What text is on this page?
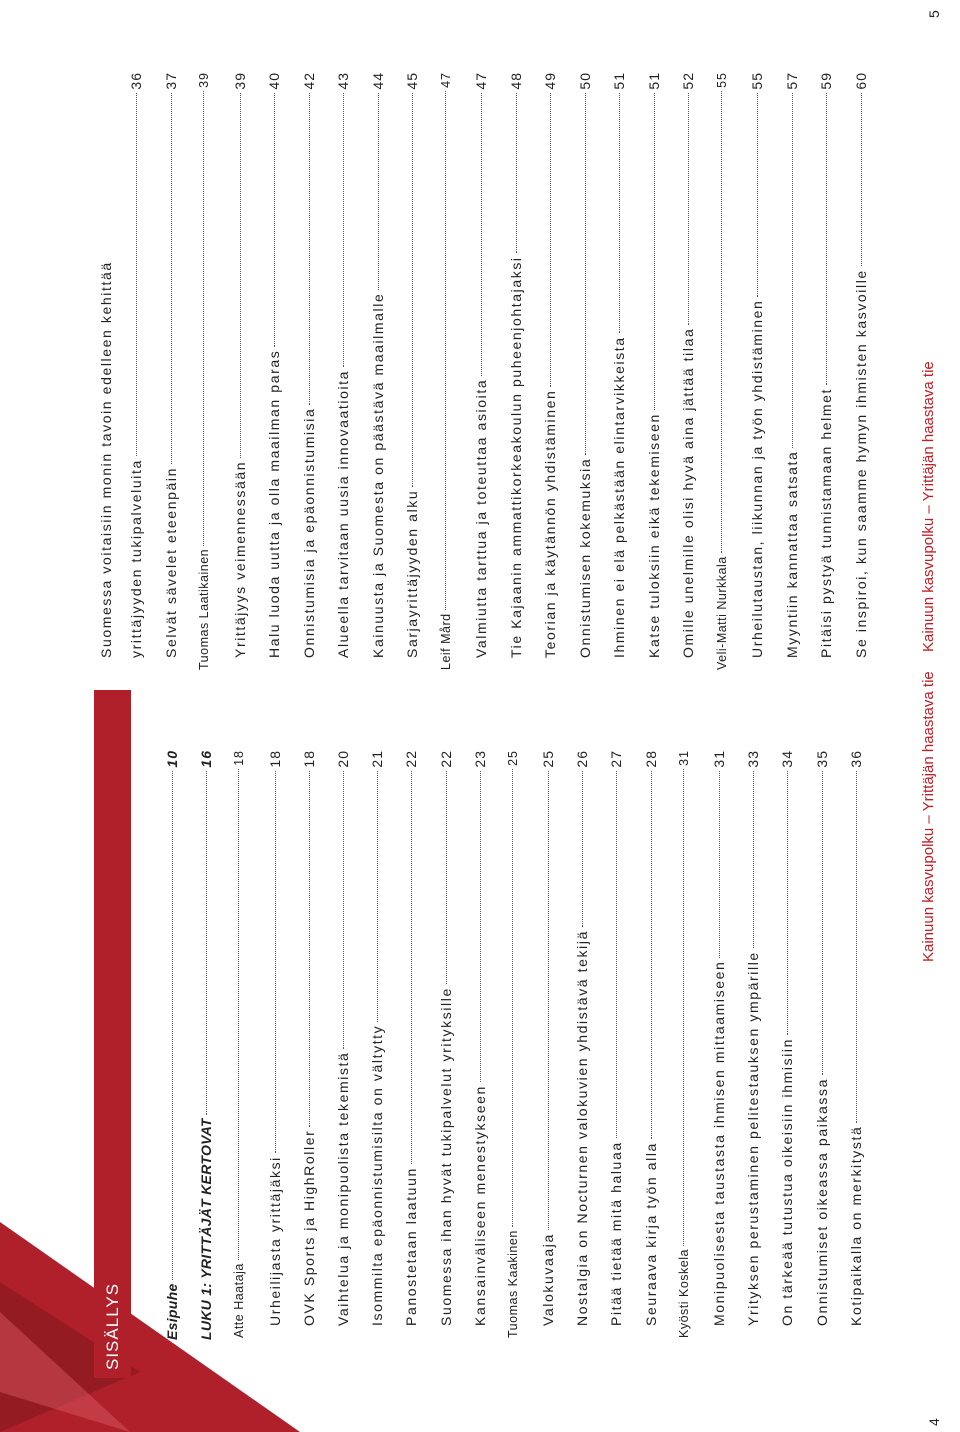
SISÄLLYS	Esipuhe
10
LUKU 1: YRITTÄJÄT KERTOVAT
16
Atte Haataja
18
Urheilijasta yrittäjäksi
18
OVK Sports ja HighRoller
18
Vaihtelua ja monipuolista tekemistä
20
Isommilta epäonnistumisilta on vältytty
21
Panostetaan laatuun
22
Suomessa ihan hyvät tukipalvelut yrityksille
22
Kansainväliseen menestykseen
23
Tuomas Kaakinen
25
Valokuvaaja
25
Nostalgia on Nocturnen valokuvien yhdistävä tekijä
26
Pitää tietää mitä haluaa
27
Seuraava kirja työn alla
28
Kyösti Koskela
31
Monipuolisesta taustasta ihmisen mittaamiseen
31
Yrityksen perustaminen pelitestauksen ympärille
33
On tärkeää tutustua oikeisiin ihmisiin
34
Onnistumiset oikeassa paikassa
35
Kotipaikalla on merkitystä
36
Suomessa voitaisiin monin tavoin edelleen kehittää yrittäjyyden tukipalveluita
36
Selvät sävelet eteenpäin
37
Tuomas Laatikainen
39
Yrittäjyys veimennessään
39
Halu luoda uutta ja olla maailman paras
40
Onnistumisia ja epäonnistumisia
42
Alueella tarvitaan uusia innovaatioita
43
Kainuusta ja Suomesta on päästävä maailmalle
44
Sarjayrittäjyyden alku
45
Leif Mård
47
Valmiutta tarttua ja toteuttaa asioita
47
Tie Kajaanin ammattikorkeakoulun puheenjohtajaksi
48
Teorian ja käytännön yhdistäminen
49
Onnistumisen kokemuksia
50
Ihminen ei elä pelkästään elintarvikkeista
51
Katse tuloksiin eikä tekemiseen
51
Omille unelmille olisi hyvä aina jättää tilaa
52
Veli-Matti Nurkkala
55
Urheilutaustan, liikunnan ja työn yhdistäminen
55
Myyntiin kannattaa satsata
57
Pitäisi pystyä tunnistamaan helmet
59
Se inspiroi, kun saamme hymyn ihmisten kasvoille
60
4
Kainuun kasvupolku – Yrittäjän haastava tie
Kainuun kasvupolku – Yrittäjän haastava tie
5
